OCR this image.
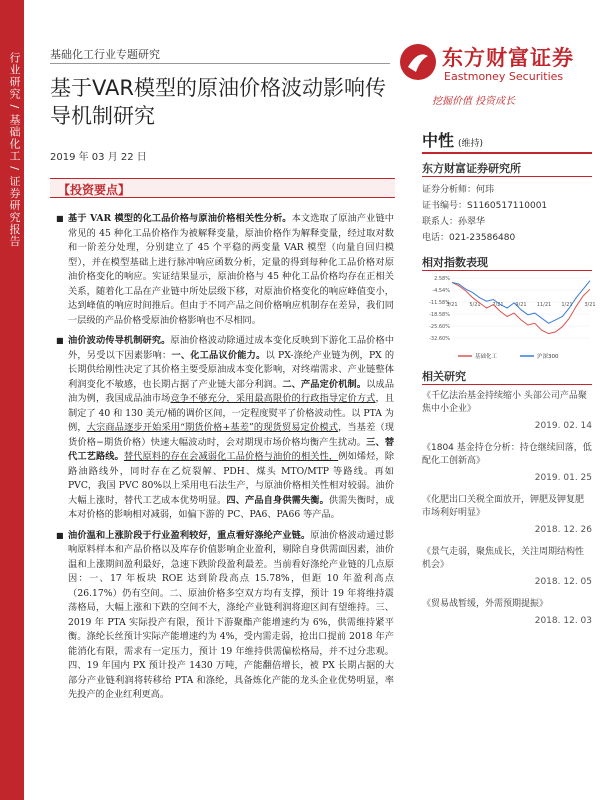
行业研究 / 基础化工 / 证券研究报告	基础化工行业专题研究
基于VAR模型的原油价格波动影响传导机制研究
2019 年 03 月 22 日
东方财富证券
Eastmoney Securities
挖掘价值 投资成长
中性 (维持)
东方财富证券研究所
证券分析师：何玮
证书编号：S1160517110001
联系人：孙翠华
电话：021-23586480
相对指数表现
2.58%
-4.54%
-11.58%
-18.58%
-25.60%
-32.60%
3/21 5/21 7/21 9/21 11/21 1/21 3/21
基础化工	沪深300
相关研究
《千亿法治基金持续缩小 头部公司产品聚焦中小企业》
2019. 02. 14
《1804 基金持仓分析：持仓继续回落，低配化工创新高》
2019. 01. 25
《化肥出口关税全面放开，钾肥及钾复肥市场利好明显》
2018. 12. 26
《景气走弱，聚焦成长，关注周期结构性机会》
2018. 12. 05
《贸易战暂缓，外需预期提振》
2018. 12. 03
【投资要点】

■ 基于 VAR 模型的化工品价格与原油价格相关性分析。本文选取了原油产业链中常见的 45 种化工品价格作为被解释变量，原油价格作为解释变量，经过取对数和一阶差分处理，分别建立了 45 个平稳的两变量 VAR 模型（向量自回归模型），并在模型基础上进行脉冲响应函数分析，定量的得到每种化工品价格对原油价格变化的响应。实证结果显示，原油价格与 45 种化工品价格均存在正相关关系，随着化工品在产业链中所处层级下移，对原油价格变化的响应峰值变小，达到峰值的响应时间推后。但由于不同产品之间价格响应机制存在差异，我们同一层级的产品价格受原油价格影响也不尽相同。

■ 油价波动传导机制研究。原油价格波动除通过成本变化反映到下游化工品价格中外，另受以下因素影响：一、化工品议价能力。以 PX-涤纶产业链为例，PX 的长期供给刚性决定了其价格主要受原油成本变化影响，对终端需求、产业链整体利润变化不敏感，也长期占据了产业链大部分利润。二、产品定价机制。以成品油为例，我国成品油市场竞争不够充分，采用最高限价的行政指导定价方式，且制定了 40 和 130 美元/桶的调价区间，一定程度熨平了价格波动性。以 PTA 为例，大宗商品逐步开始采用“期货价格+基差”的现货贸易定价模式，当基差（现货价格−期货价格）快速大幅波动时，会对期现市场价格均衡产生扰动。三、替代工艺路线。替代原料的存在会减弱化工品价格与油价的相关性，例如烯烃，除路油路线外，同时存在乙烷裂解、PDH、煤头 MTO/MTP 等路线。再如 PVC，我国 PVC 80%以上采用电石法生产，与原油价格相关性相对较弱。油价大幅上涨时，替代工艺成本优势明显。四、产品自身供需失衡。供需失衡时，成本对价格的影响相对减弱，如偏下游的 PC、PA6、PA66 等产品。

■ 油价温和上涨阶段于行业盈利较好，重点看好涤纶产业链。原油价格波动通过影响原料样本和产品价格以及库存价值影响企业盈利，剔除自身供需面因素，油价温和上涨期间盈利最好，急速下跌阶段盈利最差。当前看好涤纶产业链的几点原因：一、17 年板块 ROE 达到阶段高点 15.78%，但距 10 年盈利高点（26.17%）仍有空间。二、原油价格多空双方均有支撑，预计 19 年将维持震荡格局，大幅上涨和下跌的空间不大，涤纶产业链利润将迎区间有望维持。三、2019 年 PTA 实际投产有限，预计下游聚酯产能增速约为 6%，供需维持紧平衡。涤纶长丝预计实际产能增速约为 4%，受内需走弱，抢出口提前 2018 年产能消化有限，需求有一定压力，预计 19 年维持供需偏松格局，并不过分悲观。四、19 年国内 PX 预计投产 1430 万吨，产能翻倍增长，被 PX 长期占据的大部分产业链利润将转移给 PTA 和涤纶，具备炼化产能的龙头企业优势明显，率先投产的企业红利更高。
